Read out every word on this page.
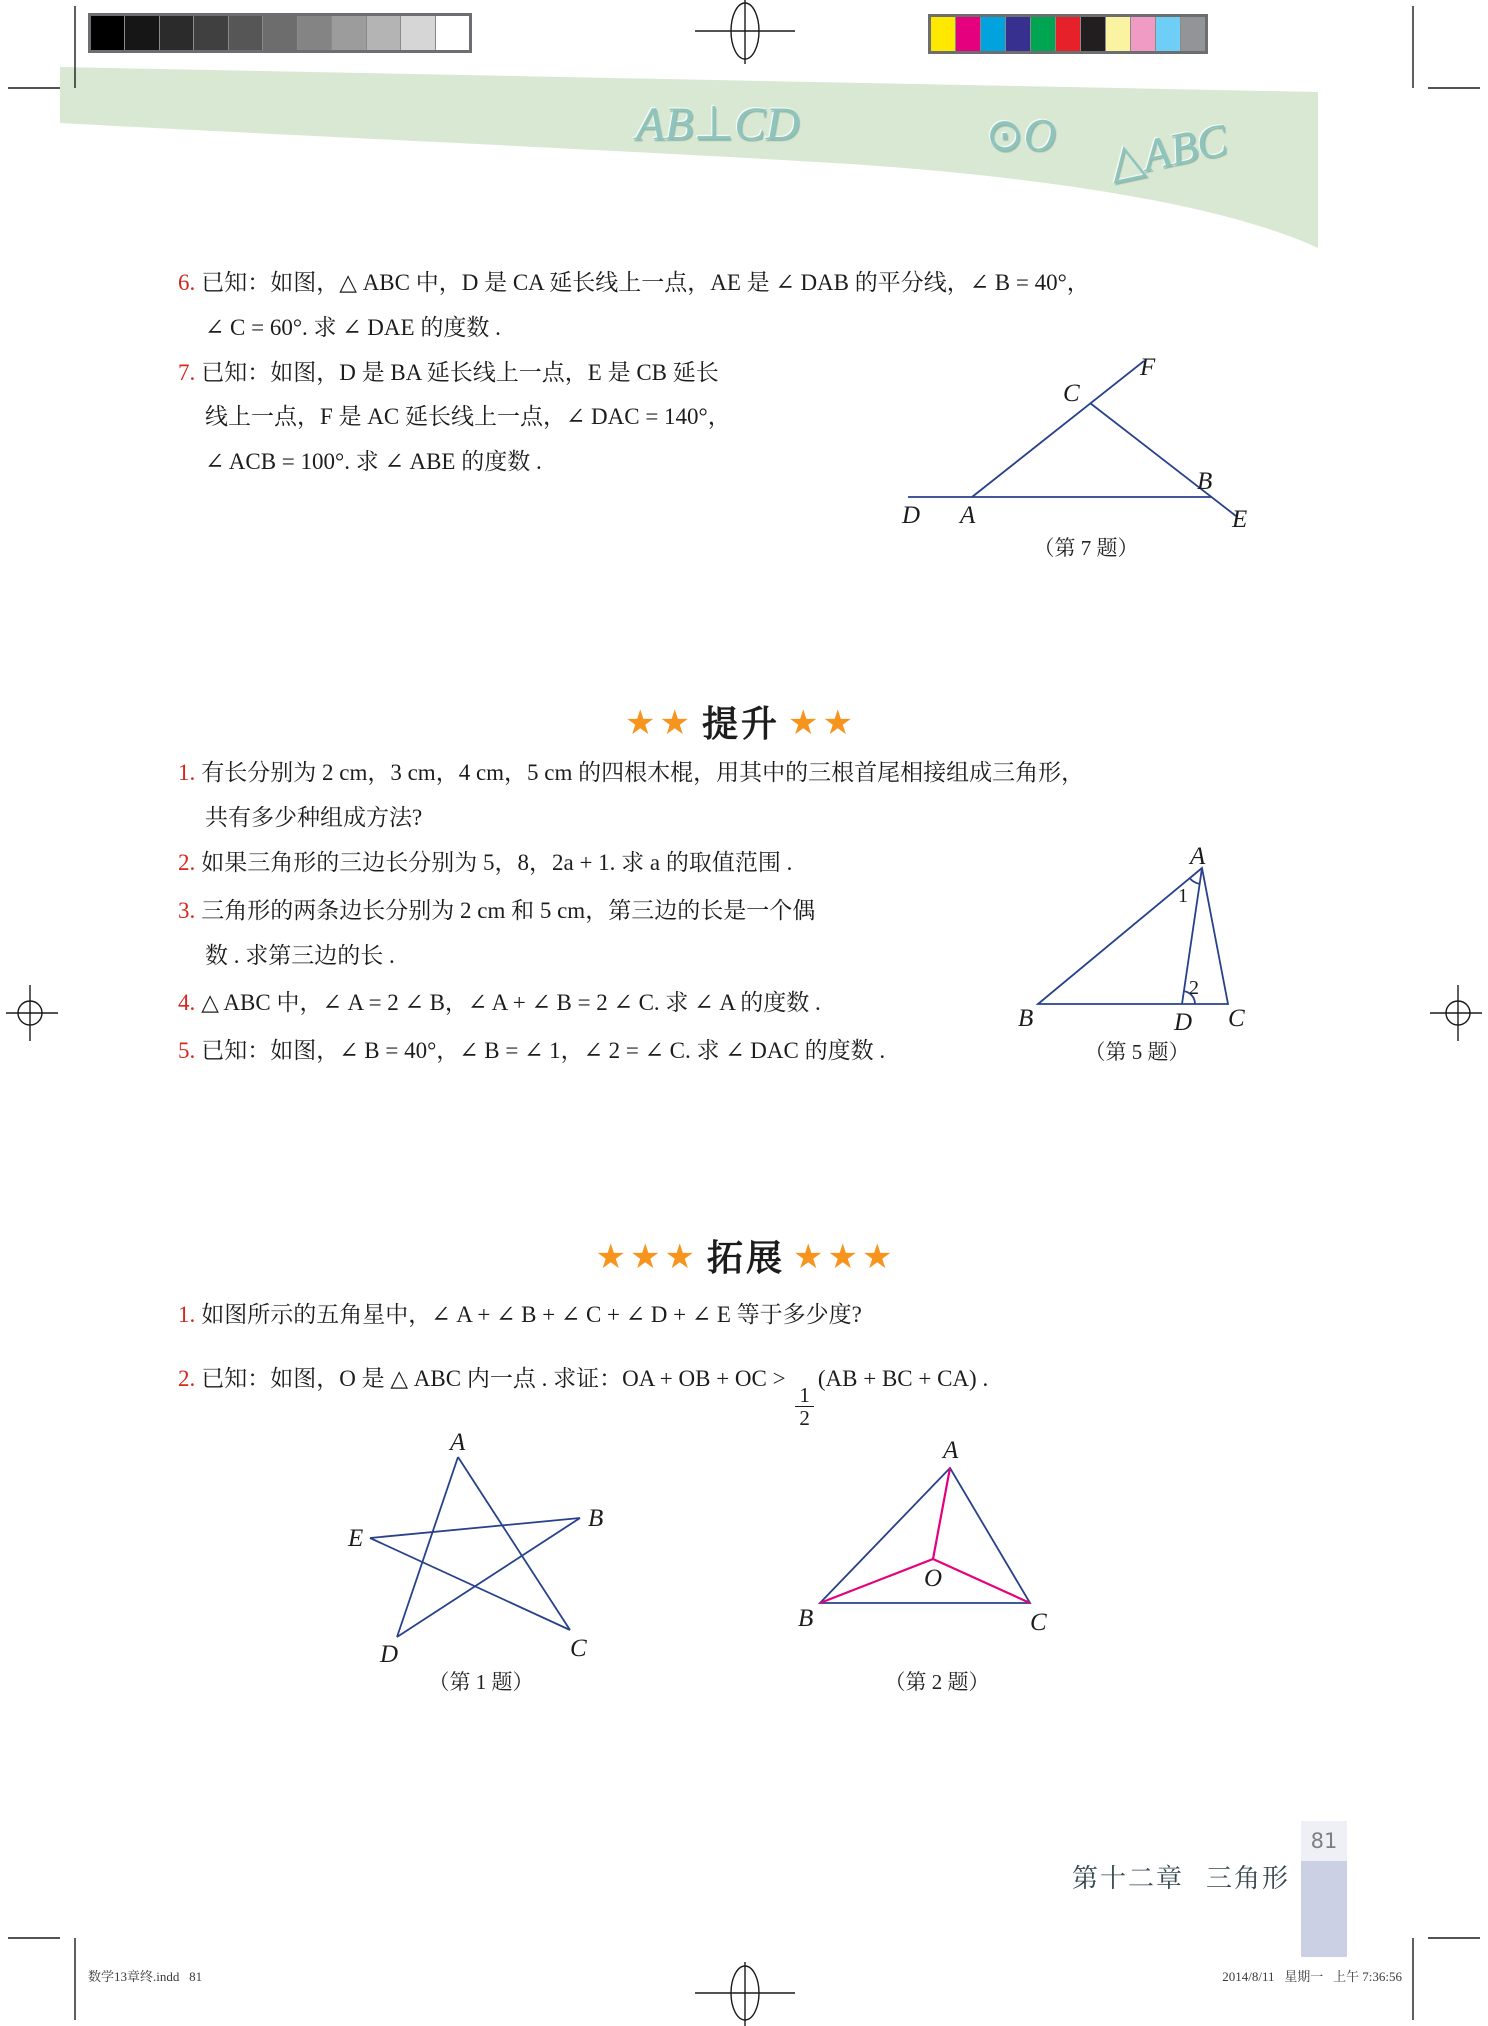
AB⊥CD	⊙O △ABC
6. 已知：如图，△ ABC 中，D 是 CA 延长线上一点，AE 是 ∠ DAB 的平分线，∠ B = 40°，
∠ C = 60°. 求 ∠ DAE 的度数 .
7. 已知：如图，D 是 BA 延长线上一点，E 是 CB 延长
线上一点，F 是 AC 延长线上一点，∠ DAC = 140°，
∠ ACB = 100°. 求 ∠ ABE 的度数 .
F
C
B
D A	E
（第 7 题）

★★ 提升 ★★

1. 有长分别为 2 cm，3 cm，4 cm，5 cm 的四根木棍，用其中的三根首尾相接组成三角形，
共有多少种组成方法?
2. 如果三角形的三边长分别为 5，8，2a + 1. 求 a 的取值范围 .
3. 三角形的两条边长分别为 2 cm 和 5 cm，第三边的长是一个偶
数 . 求第三边的长 .
4. △ ABC 中，∠ A = 2 ∠ B，∠ A + ∠ B = 2 ∠ C. 求 ∠ A 的度数 .
5. 已知：如图，∠ B = 40°，∠ B = ∠ 1，∠ 2 = ∠ C. 求 ∠ DAC 的度数 .
A
B	C
D
1
2
（第 5 题）

★★★ 拓展 ★★★

1. 如图所示的五角星中，∠ A + ∠ B + ∠ C + ∠ D + ∠ E 等于多少度?
2. 已知：如图，O 是 △ ABC 内一点 . 求证：OA + OB + OC >
$\frac{1}{2}$
(AB + BC + CA) .
A
B
C
D
E
（第 1 题）
A
B	C
O
（第 2 题）
第十二章 三角形
81
数学13章终.indd   81	2014/8/11   星期一   上午 7:36:56
